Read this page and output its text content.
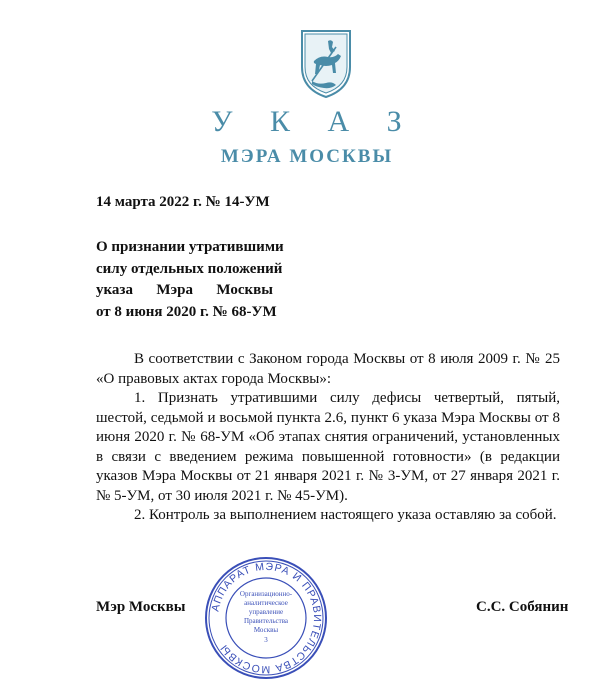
У К А З
МЭРА МОСКВЫ
14 марта 2022 г. № 14-УМ
О признании утратившими
силу отдельных положений
указа Мэра Москвы
от 8 июня 2020 г. № 68-УМ

В соответствии с Законом города Москвы от 8 июля 2009 г. № 25 «О правовых актах города Москвы»:

1. Признать утратившими силу дефисы четвертый, пятый, шестой, седьмой и восьмой пункта 2.6, пункт 6 указа Мэра Москвы от 8 июня 2020 г. № 68-УМ «Об этапах снятия ограничений, установленных в связи с введением режима повышенной готовности» (в редакции указов Мэра Москвы от 21 января 2021 г. № 3-УМ, от 27 января 2021 г. № 5-УМ, от 30 июля 2021 г. № 45-УМ).

2. Контроль за выполнением настоящего указа оставляю за собой.

Мэр Москвы	С.С. Собянин
АППАРАТ МЭРА И ПРАВИТЕЛЬСТВА МОСКВЫ
Организационно-
аналитическое
управление
Правительства
Москвы
3
